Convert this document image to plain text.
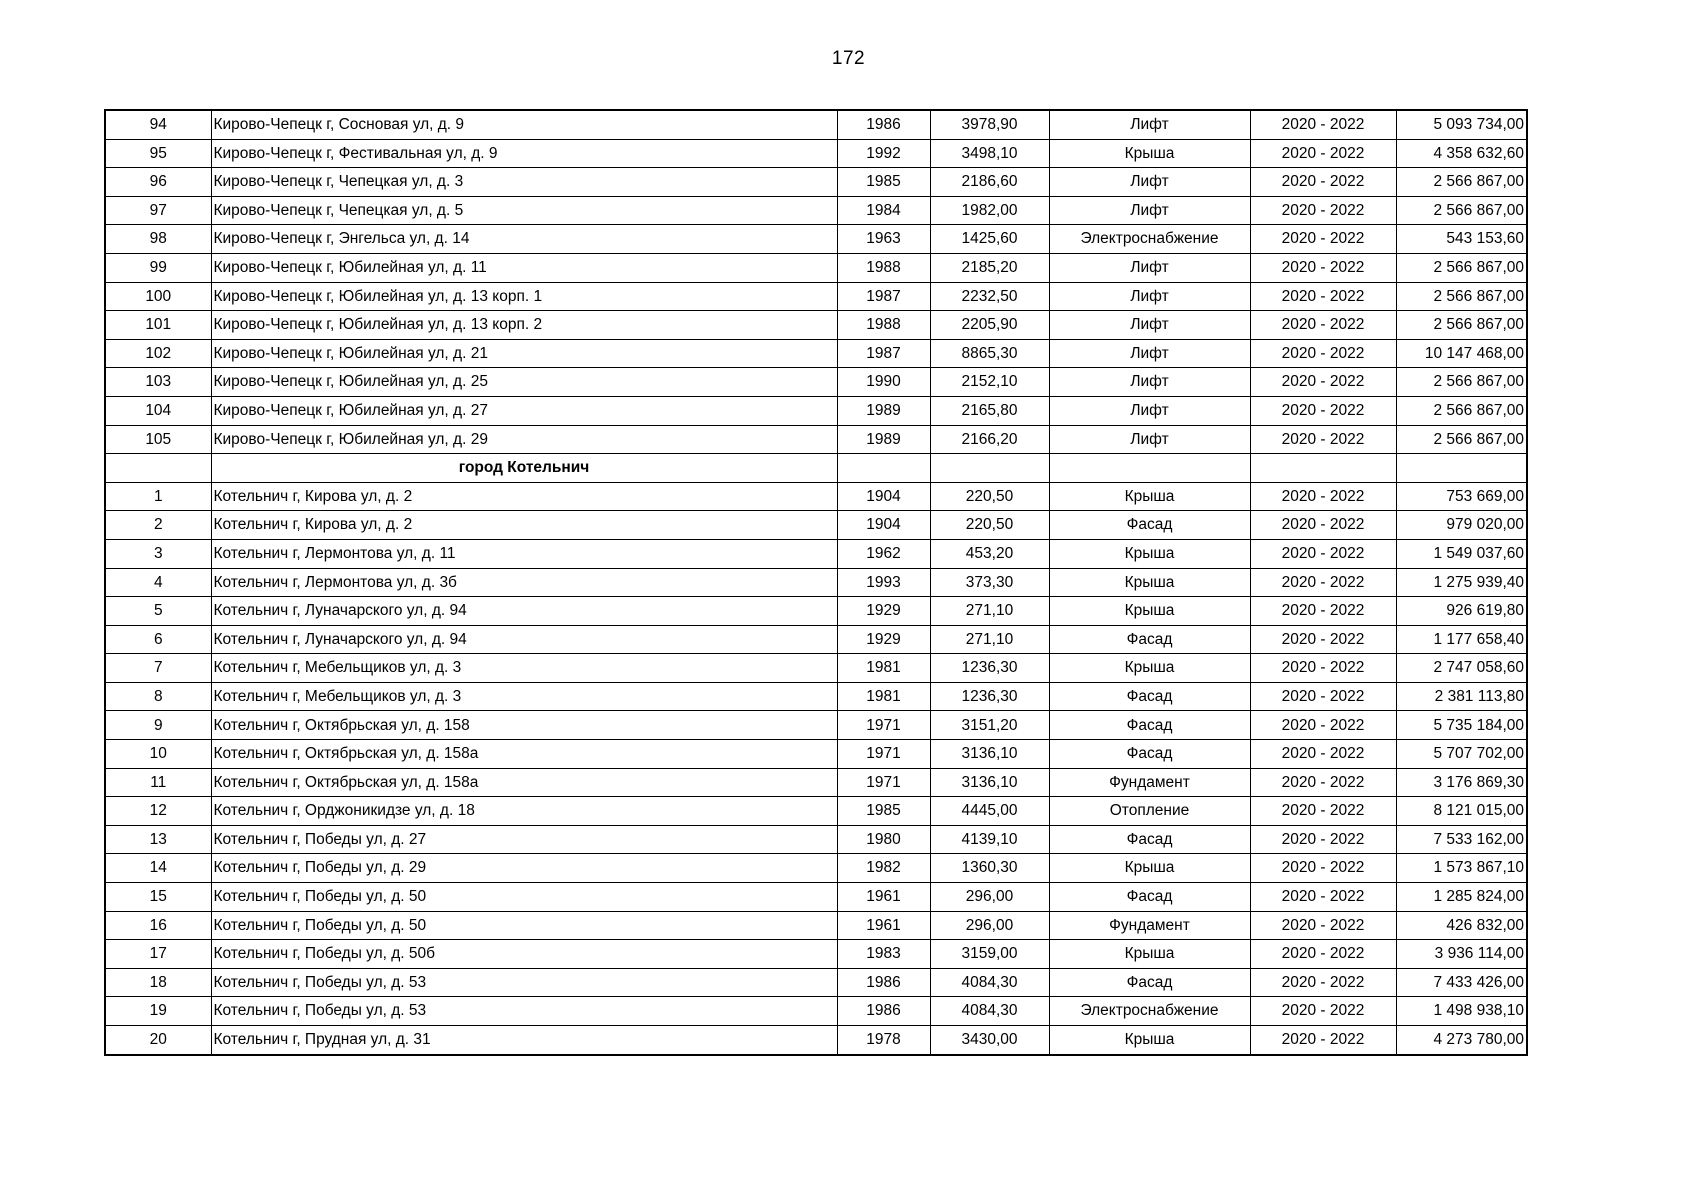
172
94	Кирово-Чепецк г, Сосновая ул, д. 9	1986	3978,90	Лифт	2020 - 2022	5 093 734,00
95	Кирово-Чепецк г, Фестивальная ул, д. 9	1992	3498,10	Крыша	2020 - 2022	4 358 632,60
96	Кирово-Чепецк г, Чепецкая ул, д. 3	1985	2186,60	Лифт	2020 - 2022	2 566 867,00
97	Кирово-Чепецк г, Чепецкая ул, д. 5	1984	1982,00	Лифт	2020 - 2022	2 566 867,00
98	Кирово-Чепецк г, Энгельса ул, д. 14	1963	1425,60	Электроснабжение	2020 - 2022	543 153,60
99	Кирово-Чепецк г, Юбилейная ул, д. 11	1988	2185,20	Лифт	2020 - 2022	2 566 867,00
100	Кирово-Чепецк г, Юбилейная ул, д. 13 корп. 1	1987	2232,50	Лифт	2020 - 2022	2 566 867,00
101	Кирово-Чепецк г, Юбилейная ул, д. 13 корп. 2	1988	2205,90	Лифт	2020 - 2022	2 566 867,00
102	Кирово-Чепецк г, Юбилейная ул, д. 21	1987	8865,30	Лифт	2020 - 2022	10 147 468,00
103	Кирово-Чепецк г, Юбилейная ул, д. 25	1990	2152,10	Лифт	2020 - 2022	2 566 867,00
104	Кирово-Чепецк г, Юбилейная ул, д. 27	1989	2165,80	Лифт	2020 - 2022	2 566 867,00
105	Кирово-Чепецк г, Юбилейная ул, д. 29	1989	2166,20	Лифт	2020 - 2022	2 566 867,00
	город Котельнич					
1	Котельнич г, Кирова ул, д. 2	1904	220,50	Крыша	2020 - 2022	753 669,00
2	Котельнич г, Кирова ул, д. 2	1904	220,50	Фасад	2020 - 2022	979 020,00
3	Котельнич г, Лермонтова ул, д. 11	1962	453,20	Крыша	2020 - 2022	1 549 037,60
4	Котельнич г, Лермонтова ул, д. 3б	1993	373,30	Крыша	2020 - 2022	1 275 939,40
5	Котельнич г, Луначарского ул, д. 94	1929	271,10	Крыша	2020 - 2022	926 619,80
6	Котельнич г, Луначарского ул, д. 94	1929	271,10	Фасад	2020 - 2022	1 177 658,40
7	Котельнич г, Мебельщиков ул, д. 3	1981	1236,30	Крыша	2020 - 2022	2 747 058,60
8	Котельнич г, Мебельщиков ул, д. 3	1981	1236,30	Фасад	2020 - 2022	2 381 113,80
9	Котельнич г, Октябрьская ул, д. 158	1971	3151,20	Фасад	2020 - 2022	5 735 184,00
10	Котельнич г, Октябрьская ул, д. 158а	1971	3136,10	Фасад	2020 - 2022	5 707 702,00
11	Котельнич г, Октябрьская ул, д. 158а	1971	3136,10	Фундамент	2020 - 2022	3 176 869,30
12	Котельнич г, Орджоникидзе ул, д. 18	1985	4445,00	Отопление	2020 - 2022	8 121 015,00
13	Котельнич г, Победы ул, д. 27	1980	4139,10	Фасад	2020 - 2022	7 533 162,00
14	Котельнич г, Победы ул, д. 29	1982	1360,30	Крыша	2020 - 2022	1 573 867,10
15	Котельнич г, Победы ул, д. 50	1961	296,00	Фасад	2020 - 2022	1 285 824,00
16	Котельнич г, Победы ул, д. 50	1961	296,00	Фундамент	2020 - 2022	426 832,00
17	Котельнич г, Победы ул, д. 50б	1983	3159,00	Крыша	2020 - 2022	3 936 114,00
18	Котельнич г, Победы ул, д. 53	1986	4084,30	Фасад	2020 - 2022	7 433 426,00
19	Котельнич г, Победы ул, д. 53	1986	4084,30	Электроснабжение	2020 - 2022	1 498 938,10
20	Котельнич г, Прудная ул, д. 31	1978	3430,00	Крыша	2020 - 2022	4 273 780,00
